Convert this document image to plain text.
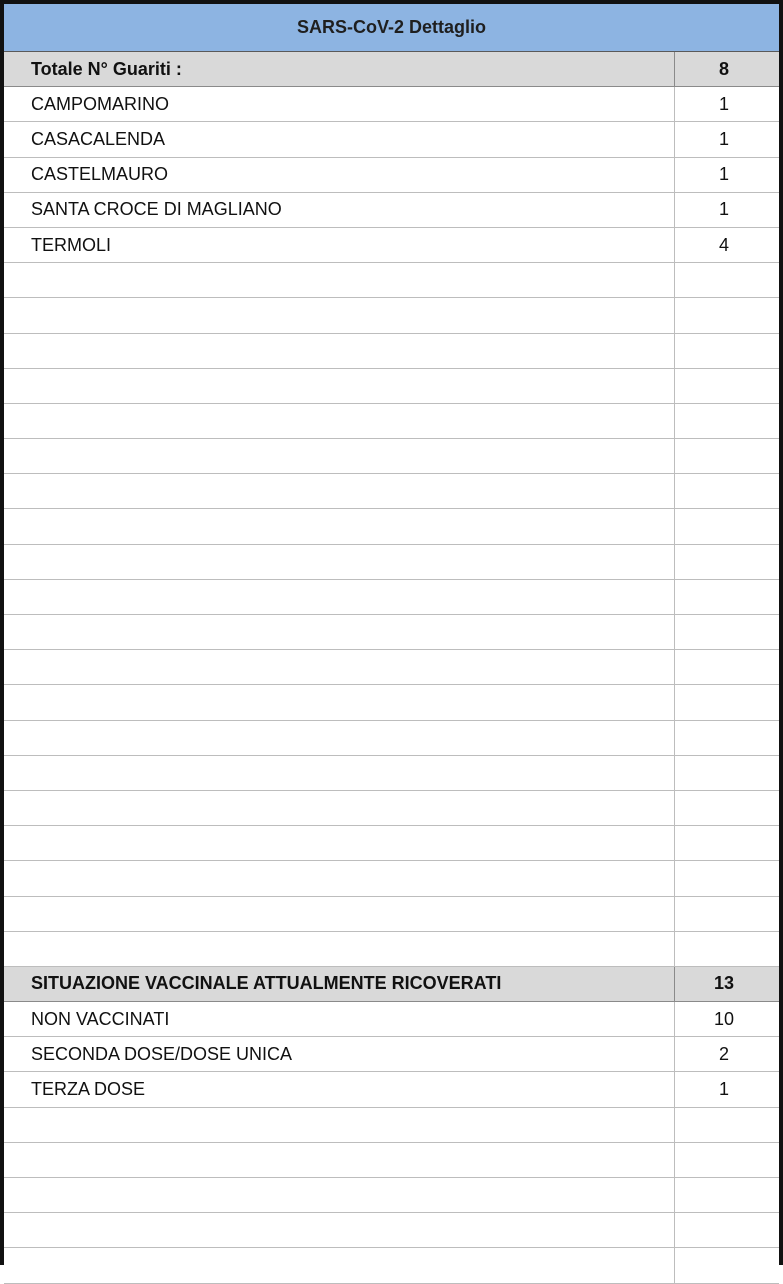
SARS-CoV-2 Dettaglio
Totale N° Guariti :	8
CAMPOMARINO	1
CASACALENDA	1
CASTELMAURO	1
SANTA CROCE DI MAGLIANO	1
TERMOLI	4
SITUAZIONE VACCINALE ATTUALMENTE RICOVERATI	13
NON VACCINATI	10
SECONDA DOSE/DOSE UNICA	2
TERZA DOSE	1
